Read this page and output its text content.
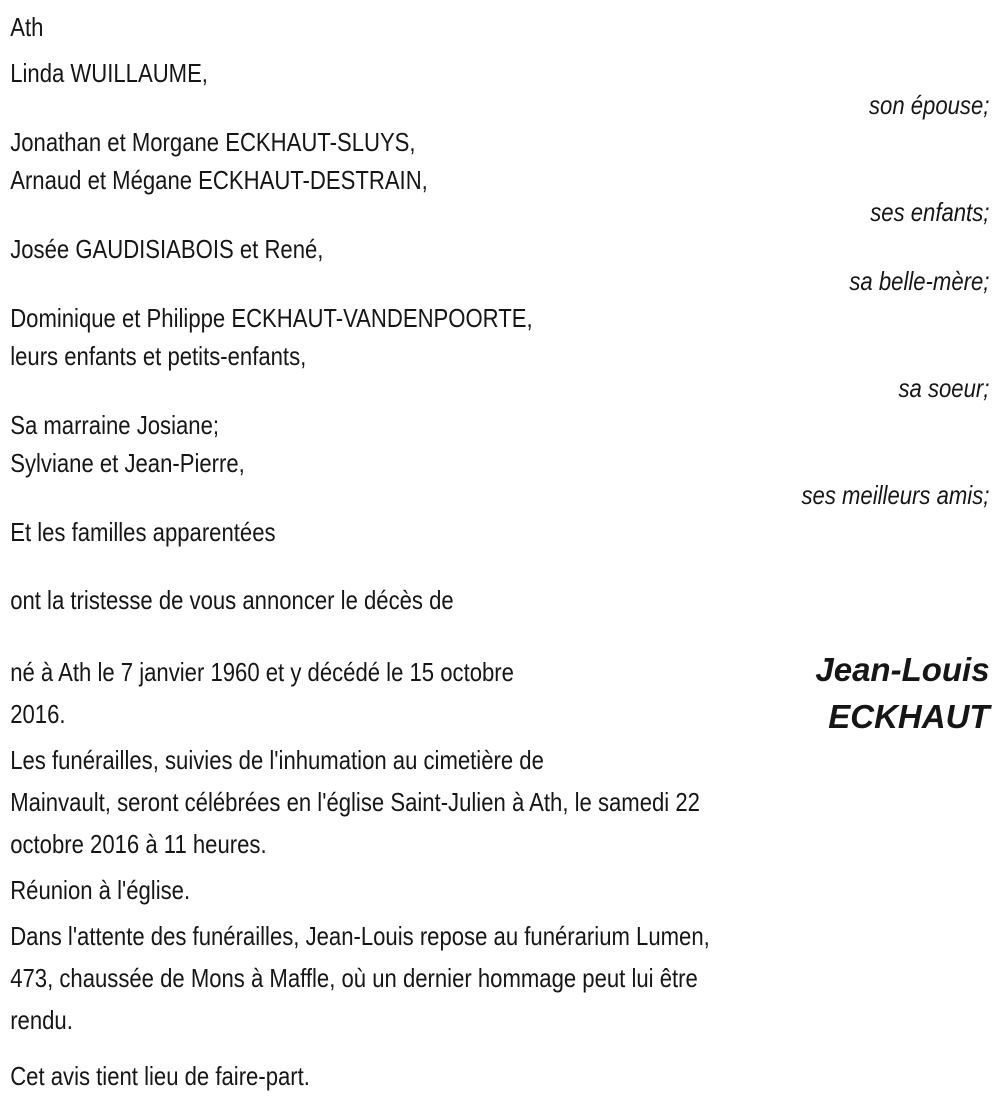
Ath
Linda WUILLAUME,
son épouse;
Jonathan et Morgane ECKHAUT-SLUYS,
Arnaud et Mégane ECKHAUT-DESTRAIN,
ses enfants;
Josée GAUDISIABOIS et René,
sa belle-mère;
Dominique et Philippe ECKHAUT-VANDENPOORTE,
leurs enfants et petits-enfants,
sa soeur;
Sa marraine Josiane;
Sylviane et Jean-Pierre,
ses meilleurs amis;
Et les familles apparentées
ont la tristesse de vous annoncer le décès de
Jean-Louis
ECKHAUT
né à Ath le 7 janvier 1960 et y décédé le 15 octobre
2016.
Les funérailles, suivies de l'inhumation au cimetière de
Mainvault, seront célébrées en l'église Saint-Julien à Ath, le samedi 22
octobre 2016 à 11 heures.
Réunion à l'église.
Dans l'attente des funérailles, Jean-Louis repose au funérarium Lumen,
473, chaussée de Mons à Maffle, où un dernier hommage peut lui être
rendu.
Cet avis tient lieu de faire-part.
